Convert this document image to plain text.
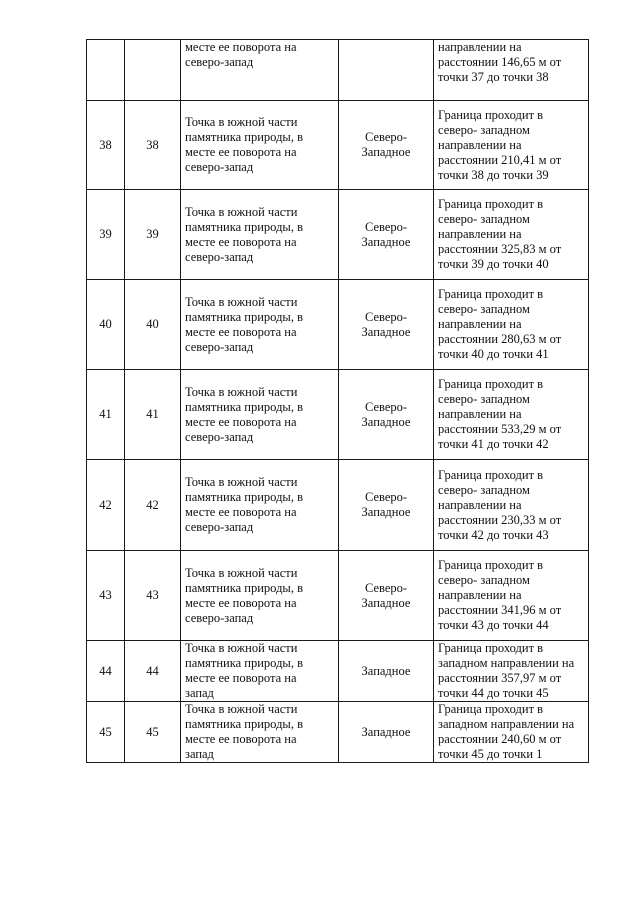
		месте ее поворота на
северо-запад		направлении на
расстоянии 146,65 м от
точки 37 до точки 38

38	38	Точка в южной части
памятника природы, в
месте ее поворота на
северо-запад	Северо-
Западное	Граница проходит в
северо- западном
направлении на
расстоянии 210,41 м от
точки 38 до точки 39

39	39	Точка в южной части
памятника природы, в
месте ее поворота на
северо-запад	Северо-
Западное	Граница проходит в
северо- западном
направлении на
расстоянии 325,83 м от
точки 39 до точки 40

40	40	Точка в южной части
памятника природы, в
месте ее поворота на
северо-запад	Северо-
Западное	Граница проходит в
северо- западном
направлении на
расстоянии 280,63 м от
точки 40 до точки 41

41	41	Точка в южной части
памятника природы, в
месте ее поворота на
северо-запад	Северо-
Западное	Граница проходит в
северо- западном
направлении на
расстоянии 533,29 м от
точки 41 до точки 42

42	42	Точка в южной части
памятника природы, в
месте ее поворота на
северо-запад	Северо-
Западное	Граница проходит в
северо- западном
направлении на
расстоянии 230,33 м от
точки 42 до точки 43

43	43	Точка в южной части
памятника природы, в
месте ее поворота на
северо-запад	Северо-
Западное	Граница проходит в
северо- западном
направлении на
расстоянии 341,96 м от
точки 43 до точки 44

44	44	Точка в южной части
памятника природы, в
месте ее поворота на
запад	Западное	Граница проходит в
западном направлении на
расстоянии 357,97 м от
точки 44 до точки 45

45	45	Точка в южной части
памятника природы, в
месте ее поворота на
запад	Западное	Граница проходит в
западном направлении на
расстоянии 240,60 м от
точки 45 до точки 1
